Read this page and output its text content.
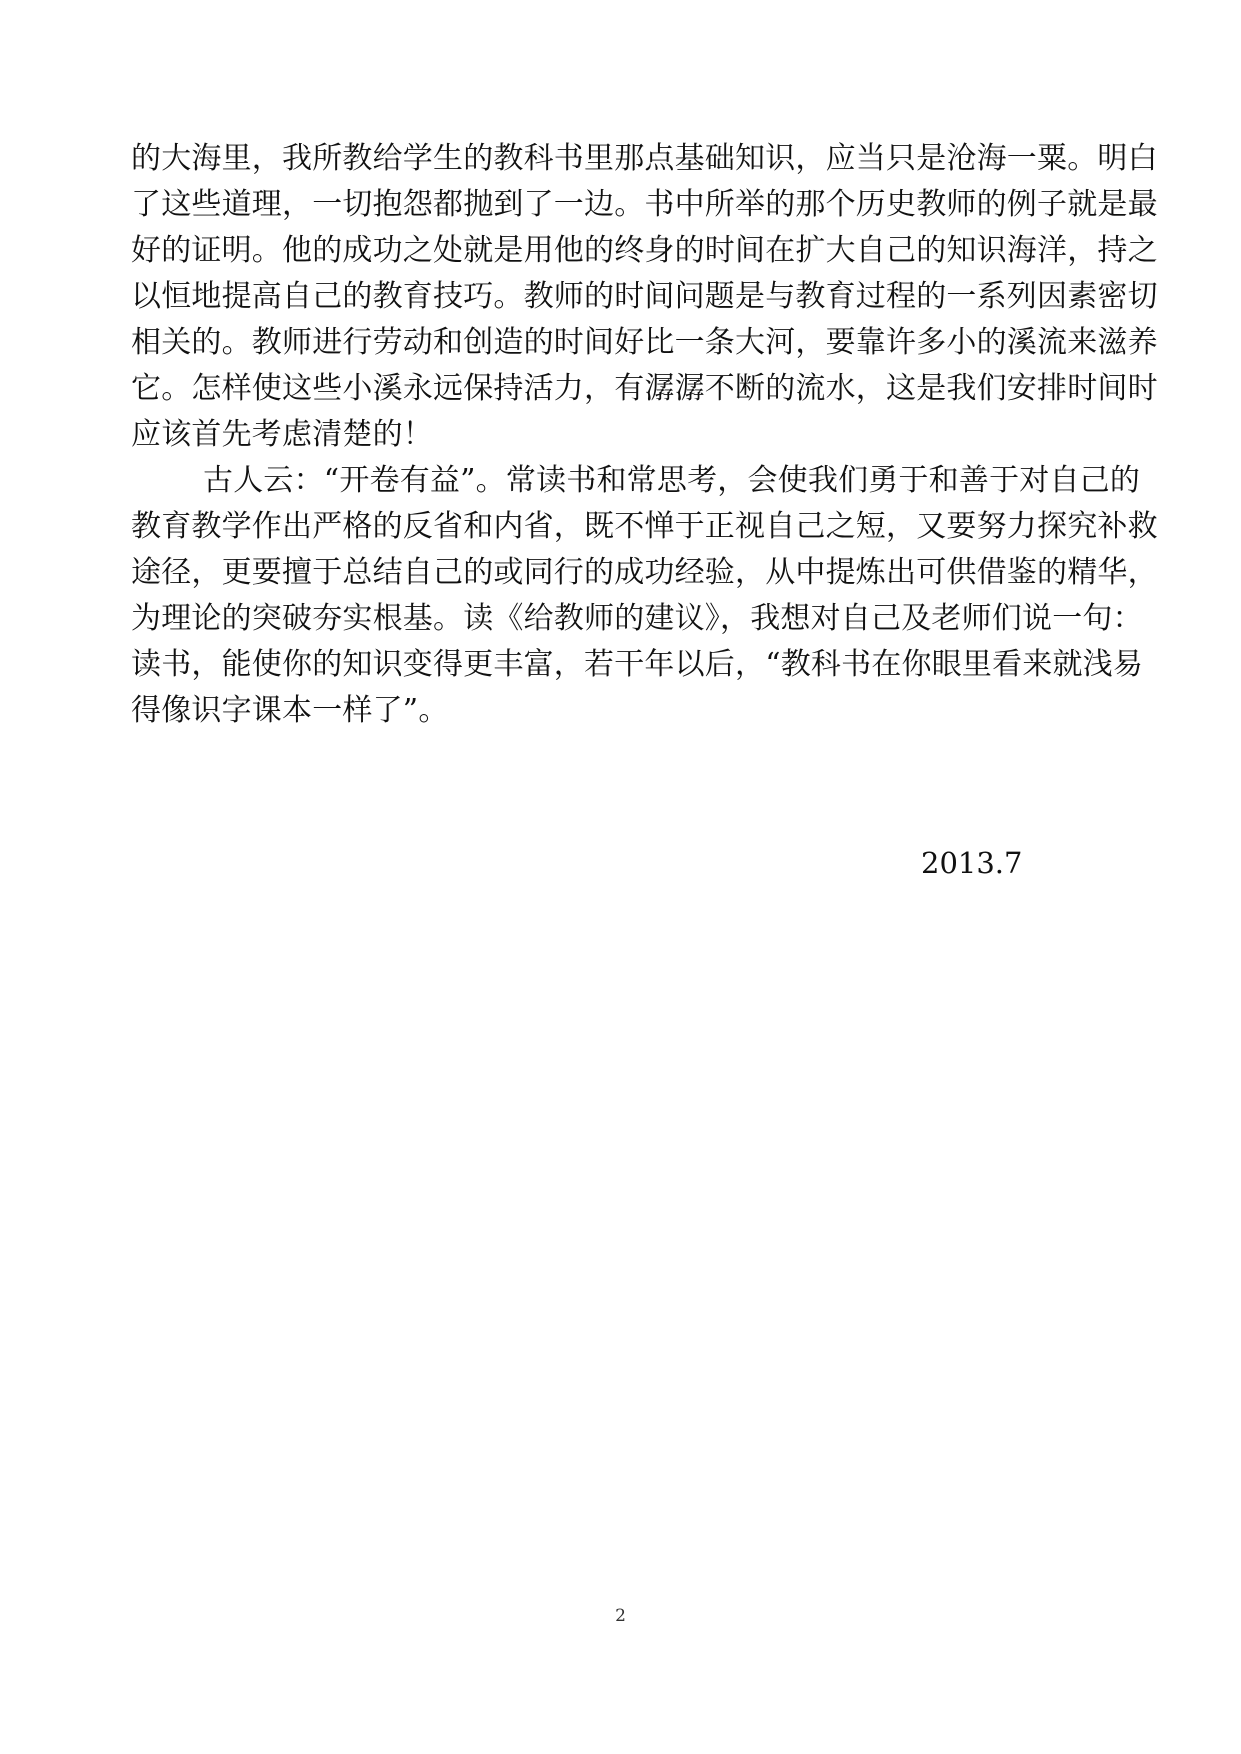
的大海里，我所教给学生的教科书里那点基础知识，应当只是沧海一粟。明白
了这些道理，一切抱怨都抛到了一边。书中所举的那个历史教师的例子就是最
好的证明。他的成功之处就是用他的终身的时间在扩大自己的知识海洋，持之
以恒地提高自己的教育技巧。教师的时间问题是与教育过程的一系列因素密切
相关的。教师进行劳动和创造的时间好比一条大河，要靠许多小的溪流来滋养
它。怎样使这些小溪永远保持活力，有潺潺不断的流水，这是我们安排时间时
应该首先考虑清楚的！
古人云：“开卷有益”。常读书和常思考，会使我们勇于和善于对自己的
教育教学作出严格的反省和内省，既不惮于正视自己之短，又要努力探究补救
途径，更要擅于总结自己的或同行的成功经验，从中提炼出可供借鉴的精华，
为理论的突破夯实根基。读《给教师的建议》，我想对自己及老师们说一句：
读书，能使你的知识变得更丰富，若干年以后，“教科书在你眼里看来就浅易
得像识字课本一样了”。
2013.7
2
